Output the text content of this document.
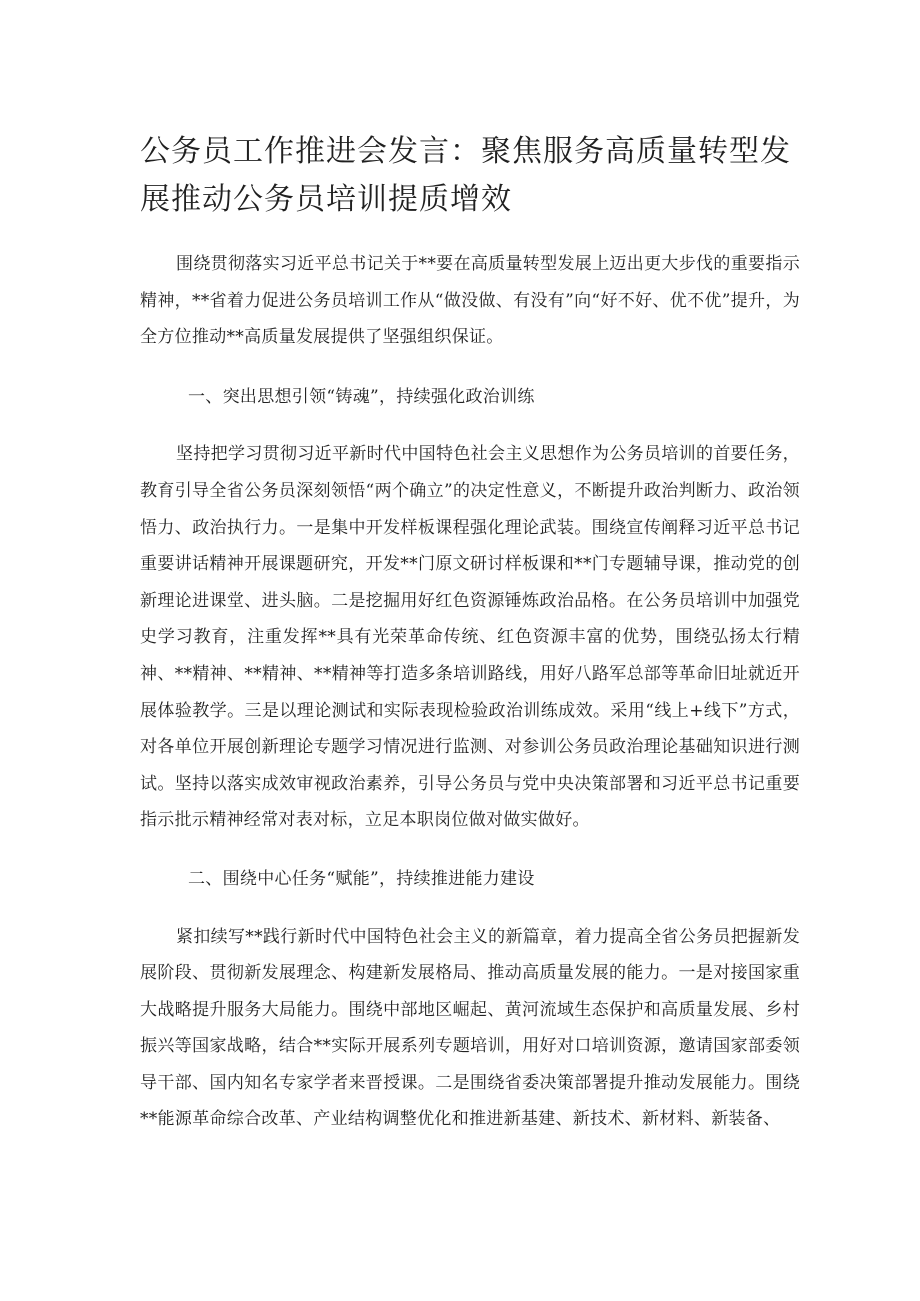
公务员工作推进会发言：聚焦服务高质量转型发展推动公务员培训提质增效

围绕贯彻落实习近平总书记关于**要在高质量转型发展上迈出更大步伐的重要指示精神，**省着力促进公务员培训工作从“做没做、有没有”向“好不好、优不优”提升，为全方位推动**高质量发展提供了坚强组织保证。

一、突出思想引领“铸魂”，持续强化政治训练

坚持把学习贯彻习近平新时代中国特色社会主义思想作为公务员培训的首要任务，教育引导全省公务员深刻领悟“两个确立”的决定性意义，不断提升政治判断力、政治领悟力、政治执行力。一是集中开发样板课程强化理论武装。围绕宣传阐释习近平总书记重要讲话精神开展课题研究，开发**门原文研讨样板课和**门专题辅导课，推动党的创新理论进课堂、进头脑。二是挖掘用好红色资源锤炼政治品格。在公务员培训中加强党史学习教育，注重发挥**具有光荣革命传统、红色资源丰富的优势，围绕弘扬太行精神、**精神、**精神、**精神等打造多条培训路线，用好八路军总部等革命旧址就近开展体验教学。三是以理论测试和实际表现检验政治训练成效。采用“线上+线下”方式，对各单位开展创新理论专题学习情况进行监测、对参训公务员政治理论基础知识进行测试。坚持以落实成效审视政治素养，引导公务员与党中央决策部署和习近平总书记重要指示批示精神经常对表对标，立足本职岗位做对做实做好。

二、围绕中心任务“赋能”，持续推进能力建设

紧扣续写**践行新时代中国特色社会主义的新篇章，着力提高全省公务员把握新发展阶段、贯彻新发展理念、构建新发展格局、推动高质量发展的能力。一是对接国家重大战略提升服务大局能力。围绕中部地区崛起、黄河流域生态保护和高质量发展、乡村振兴等国家战略，结合**实际开展系列专题培训，用好对口培训资源，邀请国家部委领导干部、国内知名专家学者来晋授课。二是围绕省委决策部署提升推动发展能力。围绕**能源革命综合改革、产业结构调整优化和推进新基建、新技术、新材料、新装备、
